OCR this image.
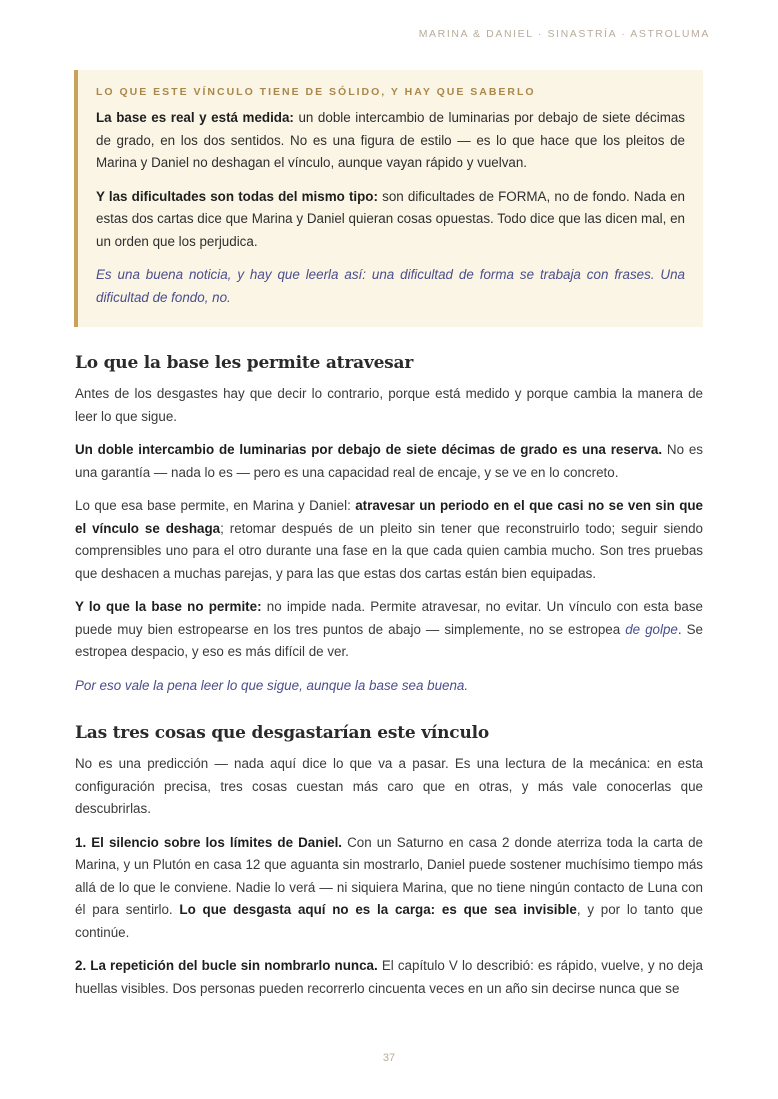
MARINA & DANIEL · SINASTRÍA · ASTROLUMA
LO QUE ESTE VÍNCULO TIENE DE SÓLIDO, Y HAY QUE SABERLO

La base es real y está medida: un doble intercambio de luminarias por debajo de siete décimas de grado, en los dos sentidos. No es una figura de estilo — es lo que hace que los pleitos de Marina y Daniel no deshagan el vínculo, aunque vayan rápido y vuelvan.

Y las dificultades son todas del mismo tipo: son dificultades de FORMA, no de fondo. Nada en estas dos cartas dice que Marina y Daniel quieran cosas opuestas. Todo dice que las dicen mal, en un orden que los perjudica.

Es una buena noticia, y hay que leerla así: una dificultad de forma se trabaja con frases. Una dificultad de fondo, no.

Lo que la base les permite atravesar

Antes de los desgastes hay que decir lo contrario, porque está medido y porque cambia la manera de leer lo que sigue.

Un doble intercambio de luminarias por debajo de siete décimas de grado es una reserva. No es una garantía — nada lo es — pero es una capacidad real de encaje, y se ve en lo concreto.

Lo que esa base permite, en Marina y Daniel: atravesar un periodo en el que casi no se ven sin que el vínculo se deshaga; retomar después de un pleito sin tener que reconstruirlo todo; seguir siendo comprensibles uno para el otro durante una fase en la que cada quien cambia mucho. Son tres pruebas que deshacen a muchas parejas, y para las que estas dos cartas están bien equipadas.

Y lo que la base no permite: no impide nada. Permite atravesar, no evitar. Un vínculo con esta base puede muy bien estropearse en los tres puntos de abajo — simplemente, no se estropea de golpe. Se estropea despacio, y eso es más difícil de ver.

Por eso vale la pena leer lo que sigue, aunque la base sea buena.

Las tres cosas que desgastarían este vínculo

No es una predicción — nada aquí dice lo que va a pasar. Es una lectura de la mecánica: en esta configuración precisa, tres cosas cuestan más caro que en otras, y más vale conocerlas que descubrirlas.

1. El silencio sobre los límites de Daniel. Con un Saturno en casa 2 donde aterriza toda la carta de Marina, y un Plutón en casa 12 que aguanta sin mostrarlo, Daniel puede sostener muchísimo tiempo más allá de lo que le conviene. Nadie lo verá — ni siquiera Marina, que no tiene ningún contacto de Luna con él para sentirlo. Lo que desgasta aquí no es la carga: es que sea invisible, y por lo tanto que continúe.

2. La repetición del bucle sin nombrarlo nunca. El capítulo V lo describió: es rápido, vuelve, y no deja huellas visibles. Dos personas pueden recorrerlo cincuenta veces en un año sin decirse nunca que se

37
